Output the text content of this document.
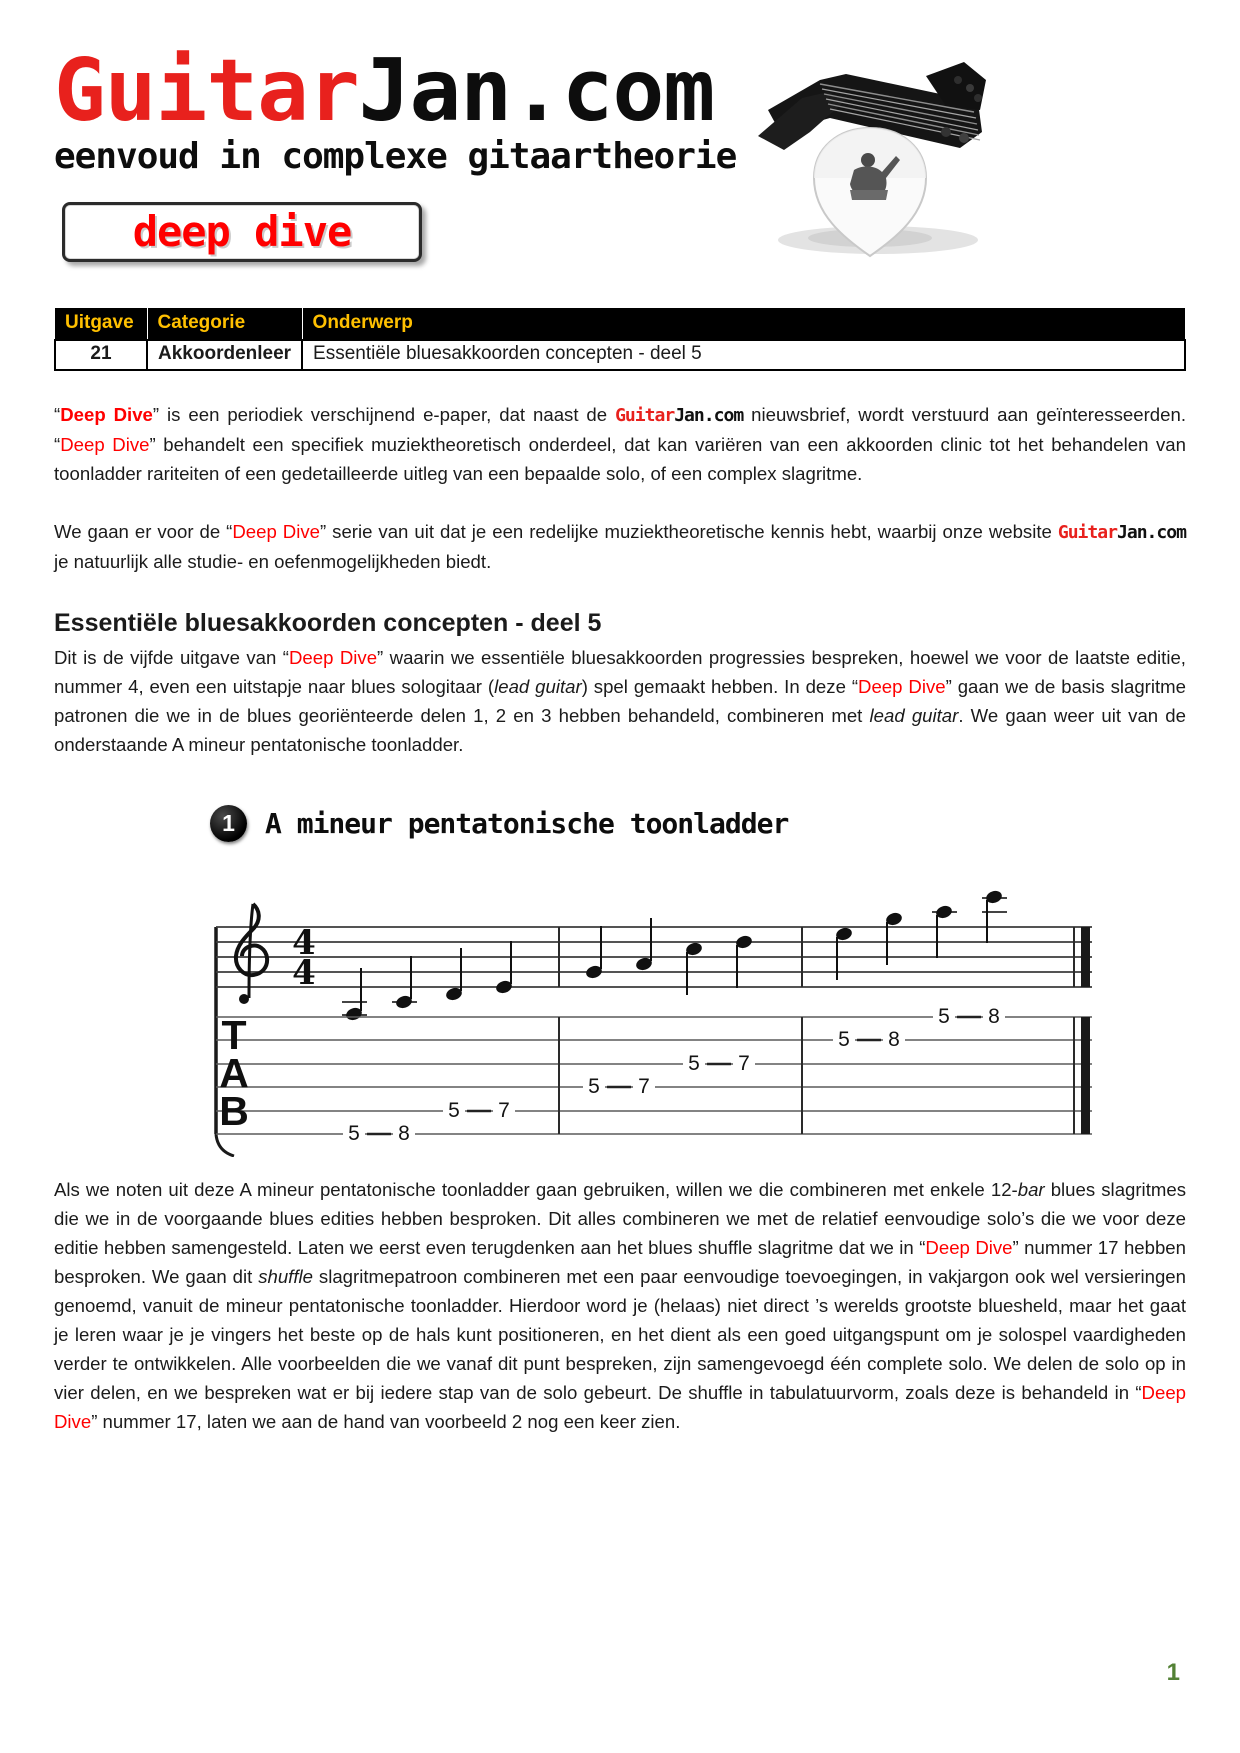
GuitarJan.com
eenvoud in complexe gitaartheorie
deep dive
Uitgave	Categorie	Onderwerp
21	Akkoordenleer	Essentiële bluesakkoorden concepten - deel 5

“Deep Dive” is een periodiek verschijnend e-paper, dat naast de GuitarJan.com nieuwsbrief, wordt verstuurd aan geïnteresseerden. “Deep Dive” behandelt een specifiek muziektheoretisch onderdeel, dat kan variëren van een akkoorden clinic tot het behandelen van toonladder rariteiten of een gedetailleerde uitleg van een bepaalde solo, of een complex slagritme.

We gaan er voor de “Deep Dive” serie van uit dat je een redelijke muziektheoretische kennis hebt, waarbij onze website GuitarJan.com je natuurlijk alle studie- en oefenmogelijkheden biedt.

Essentiële bluesakkoorden concepten - deel 5

Dit is de vijfde uitgave van “Deep Dive” waarin we essentiële bluesakkoorden progressies bespreken, hoewel we voor de laatste editie, nummer 4, even een uitstapje naar blues sologitaar (lead guitar) spel gemaakt hebben. In deze “Deep Dive” gaan we de basis slagritme patronen die we in de blues georiënteerde delen 1, 2 en 3 hebben behandeld, combineren met lead guitar. We gaan weer uit van de onderstaande A mineur pentatonische toonladder.

1	A mineur pentatonische toonladder
4
4
T
A
B	5 8
5 7
5 7
5 7
5 8
5 8

Als we noten uit deze A mineur pentatonische toonladder gaan gebruiken, willen we die combineren met enkele 12-bar blues slagritmes die we in de voorgaande blues edities hebben besproken. Dit alles combineren we met de relatief eenvoudige solo’s die we voor deze editie hebben samengesteld. Laten we eerst even terugdenken aan het blues shuffle slagritme dat we in “Deep Dive” nummer 17 hebben besproken. We gaan dit shuffle slagritmepatroon combineren met een paar eenvoudige toevoegingen, in vakjargon ook wel versieringen genoemd, vanuit de mineur pentatonische toonladder. Hierdoor word je (helaas) niet direct ’s werelds grootste bluesheld, maar het gaat je leren waar je je vingers het beste op de hals kunt positioneren, en het dient als een goed uitgangspunt om je solospel vaardigheden verder te ontwikkelen. Alle voorbeelden die we vanaf dit punt bespreken, zijn samengevoegd één complete solo. We delen de solo op in vier delen, en we bespreken wat er bij iedere stap van de solo gebeurt. De shuffle in tabulatuurvorm, zoals deze is behandeld in “Deep Dive” nummer 17, laten we aan de hand van voorbeeld 2 nog een keer zien.

1
